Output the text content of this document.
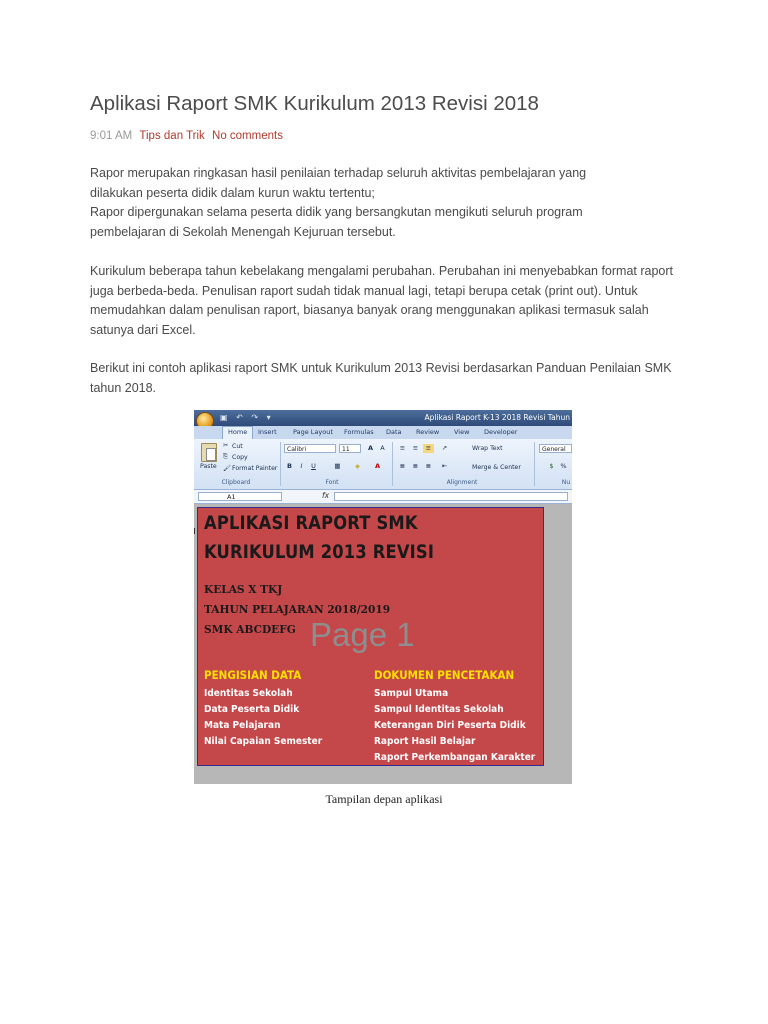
Aplikasi Raport SMK Kurikulum 2013 Revisi 2018
9:01 AM Tips dan Trik No comments

Rapor merupakan ringkasan hasil penilaian terhadap seluruh aktivitas pembelajaran yang
dilakukan peserta didik dalam kurun waktu tertentu;
Rapor dipergunakan selama peserta didik yang bersangkutan mengikuti seluruh program
pembelajaran di Sekolah Menengah Kejuruan tersebut.

Kurikulum beberapa tahun kebelakang mengalami perubahan. Perubahan ini menyebabkan format raport
juga berbeda-beda. Penulisan raport sudah tidak manual lagi, tetapi berupa cetak (print out). Untuk
memudahkan dalam penulisan raport, biasanya banyak orang menggunakan aplikasi termasuk salah
satunya dari Excel.

Berikut ini contoh aplikasi raport SMK untuk Kurikulum 2013 Revisi berdasarkan Panduan Penilaian SMK
tahun 2018.

▣ ↶ ↷ ▾	Aplikasi Raport K-13 2018 Revisi Tahun
Home	Insert	Page Layout Formulas Data Review View Developer
Paste
✂ Cut
⎘ Copy
🖌 Format Painter
Clipboard
Calibri	11	A	A
B	I	U	▦	◈	A
Font
≡	≡	≡	↗	Wrap Text
≣	≣	≣	⇤	Merge & Center
Alignment
General
$	%
Nu
A1	fx
APLIKASI RAPORT SMK
KURIKULUM 2013 REVISI
KELAS X TKJ
TAHUN PELAJARAN 2018/2019
SMK ABCDEFG Page 1
PENGISIAN DATA
Identitas Sekolah
Data Peserta Didik
Mata Pelajaran
Nilai Capaian Semester
DOKUMEN PENCETAKAN
Sampul Utama
Sampul Identitas Sekolah
Keterangan Diri Peserta Didik
Raport Hasil Belajar
Raport Perkembangan Karakter
Tampilan depan aplikasi
